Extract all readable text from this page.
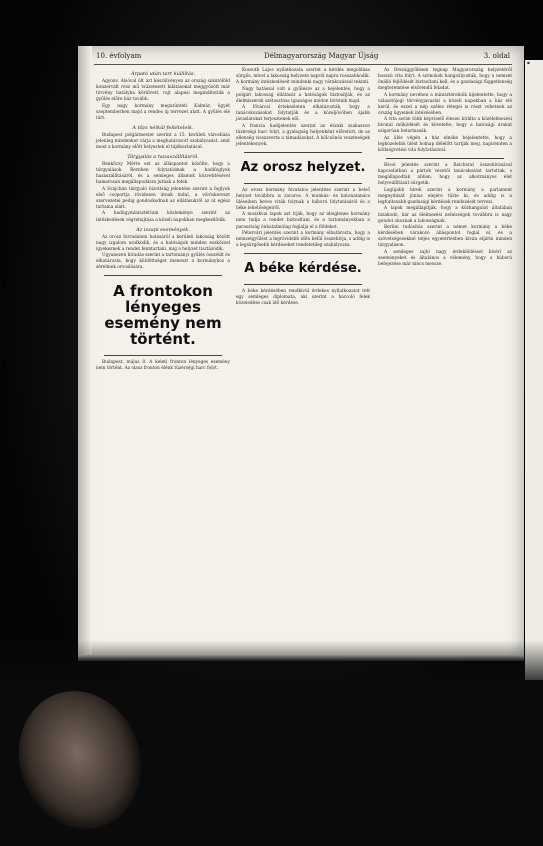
▪
10. évfolyam	Délmagyarország Magyar Újság	3. oldal
Árpató után tart kiállítás.

Agyonv. Alsóval ült azt készülvényen az ország szántóföld konzervált rész mű tsüzetezett kilátásokat meggyőzött már törvény hatályba körülvett, rajt alapesi megindították a gyűlés előre ház tovább.

Egy nagy kormány megszünteti Kalmár, ügyét szeptemberben majd a rendes új tervezet alatt. A gyűlés elé tárt.

A tőzs nélkül feltételeik.

Budapest polgármester szerint a 15. kerületi városháza jelenleg mindenkor várja a meghatározott szabályozást, amit most a kormány előtt helyeztek el tájékoztatásul.

Tárgyalás a hazaszállításról.

Renkőczy Mérte ezt az álláspontot közölte, hogy a tárgyalások Bernben folytatódnak a hadifoglyok hazaszállításáról, és a semleges államok közvetítésével hamarosan megállapodásra jutnak a felek.

A Svájcban tárgyaló bizottság jelentése szerint a foglyok első csoportja rövidesen útnak indul, a vöröskereszt szervezetei pedig gondoskodnak az ellátásukról az út egész tartama alatt.

A hadügyminisztérium közleménye szerint az intézkedések végrehajtása a közeli napokban megkezdődik.

Az iszapi események.

Az orosz forradalom hatásáról a kerületi lakosság között nagy izgalom uralkodik, és a hatóságok minden eszközzel igyekeznek a rendet fenntartani, míg a helyzet tisztázódik.

Ugyanezen híradás szerint a tartományi gyűlés összeült és elhatározta, hogy küldöttséget meneszt a kormányhoz a sérelmek orvoslására.

A frontokon lényeges esemény nem történt.

Budapest, május 8. A keleti fronton lényeges esemény nem történt. Az olasz fronton élénk tüzérségi harc folyt.

Kossuth Lajos nyilatkozata szerint a kérdés megoldása sürgős, mivel a lakosság helyzete napról napra rosszabbodik. A kormány intézkedéseit mindenki nagy várakozással tekinti.

Nagy hatással volt a gyűlésre az a bejelentés, hogy a polgári lakosság ellátását a hatóságok biztosítják, és az élelmiszerek szétosztása igazságos módon történik majd.

A fővárosi értekezleten elhatározták, hogy a tanácskozásokat folytatják és a közeljövőben újabb javaslatokat terjesztenek elő.

A francia hadijelentés szerint az északi szakaszon tüzérségi harc folyt, a gyalogság helyenként előretört, de az ellenség visszaverte a támadásokat. A kölcsönös veszteségek jelentékenyek.

Az orosz helyzet.

Az orosz kormány hivatalos jelentése szerint a belső helyzet továbbra is zavaros. A munkás- és katonatanács üléseiben heves viták folynak a háború folytatásáról és a béke lehetőségeiről.

A moszkvai lapok azt írják, hogy az ideiglenes kormány nem tudja a rendet biztosítani, és a tartományokban a parasztság önhatalmúlag foglalja el a földeket.

Pétervári jelentés szerint a kormány elhatározta, hogy a nemzetgyűlést a legrövidebb időn belül összehívja, s addig is a legsürgősebb kérdéseket rendeletileg szabályozza.

A béke kérdése.

A béke kérdésében rendkívül érdekes nyilatkozatot tett egy semleges diplomata, aki szerint a harcoló felek közeledése csak idő kérdése.

Az Országgyűlésen tegnap Magyarország helyzetéről hosszú vita folyt. A szónokok hangsúlyozták, hogy a nemzet önálló fejlődését biztosítani kell, és a gazdasági függetlenség megteremtése elsőrendű feladat.

A kormány nevében a miniszterelnök kijelentette, hogy a választójogi törvényjavaslat a közeli napokban a ház elé kerül, és ezzel a nép széles rétegei is részt vehetnek az ország ügyeinek intézésében.

A vita során több képviselő élesen bírálta a közélelmezési hivatal működését és követelte, hogy a hatósági árakat szigorúan betartassák.

Az ülés végén a ház elnöke bejelentette, hogy a legközelebbi ülést holnap délelőtt tartják meg, napirenden a költségvetési vita folytatásával.

Bécsi jelentés szerint a Reichsrat összehívásával kapcsolatban a pártok vezetői tanácskozást tartottak, s megállapodtak abban, hogy az alkotmányos élet helyreállítását sürgetik.

Legújabb hírek szerint a kormány a parlament megnyitását június elejére tűzte ki, és addig is a legfontosabb gazdasági kérdések rendezését tervezi.

A lapok megállapítják, hogy a közhangulat általában bizakodó, bár az élelmezési nehézségek továbbra is nagy gondot okoznak a lakosságnak.

Berlini tudósítás szerint a német kormány a béke kérdésében várakozó álláspontot foglal el, és a szövetségesekkel teljes egyetértésben kíván eljárni minden tárgyaláson.

A semleges sajtó nagy érdeklődéssel kíséri az eseményeket és általános a vélemény, hogy a háború befejezése már nincs messze.
